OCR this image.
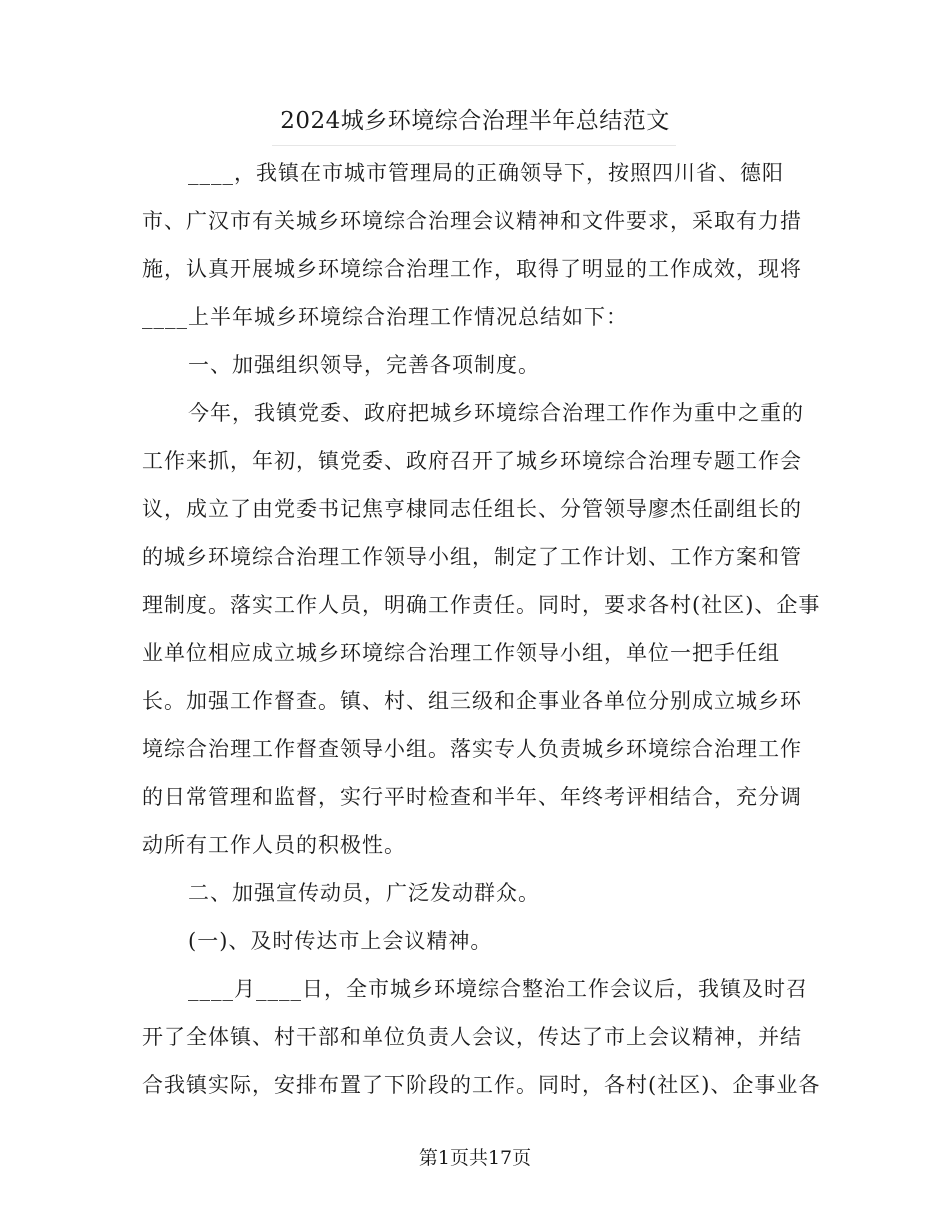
2024城乡环境综合治理半年总结范文
____，我镇在市城市管理局的正确领导下，按照四川省、德阳
市、广汉市有关城乡环境综合治理会议精神和文件要求，采取有力措
施，认真开展城乡环境综合治理工作，取得了明显的工作成效，现将
____上半年城乡环境综合治理工作情况总结如下：
一、加强组织领导，完善各项制度。
今年，我镇党委、政府把城乡环境综合治理工作作为重中之重的
工作来抓，年初，镇党委、政府召开了城乡环境综合治理专题工作会
议，成立了由党委书记焦亨棣同志任组长、分管领导廖杰任副组长的
的城乡环境综合治理工作领导小组，制定了工作计划、工作方案和管
理制度。落实工作人员，明确工作责任。同时，要求各村(社区)、企事
业单位相应成立城乡环境综合治理工作领导小组，单位一把手任组
长。加强工作督查。镇、村、组三级和企事业各单位分别成立城乡环
境综合治理工作督查领导小组。落实专人负责城乡环境综合治理工作
的日常管理和监督，实行平时检查和半年、年终考评相结合，充分调
动所有工作人员的积极性。
二、加强宣传动员，广泛发动群众。
(一)、及时传达市上会议精神。
____月____日，全市城乡环境综合整治工作会议后，我镇及时召
开了全体镇、村干部和单位负责人会议，传达了市上会议精神，并结
合我镇实际，安排布置了下阶段的工作。同时，各村(社区)、企事业各
第1页共17页
